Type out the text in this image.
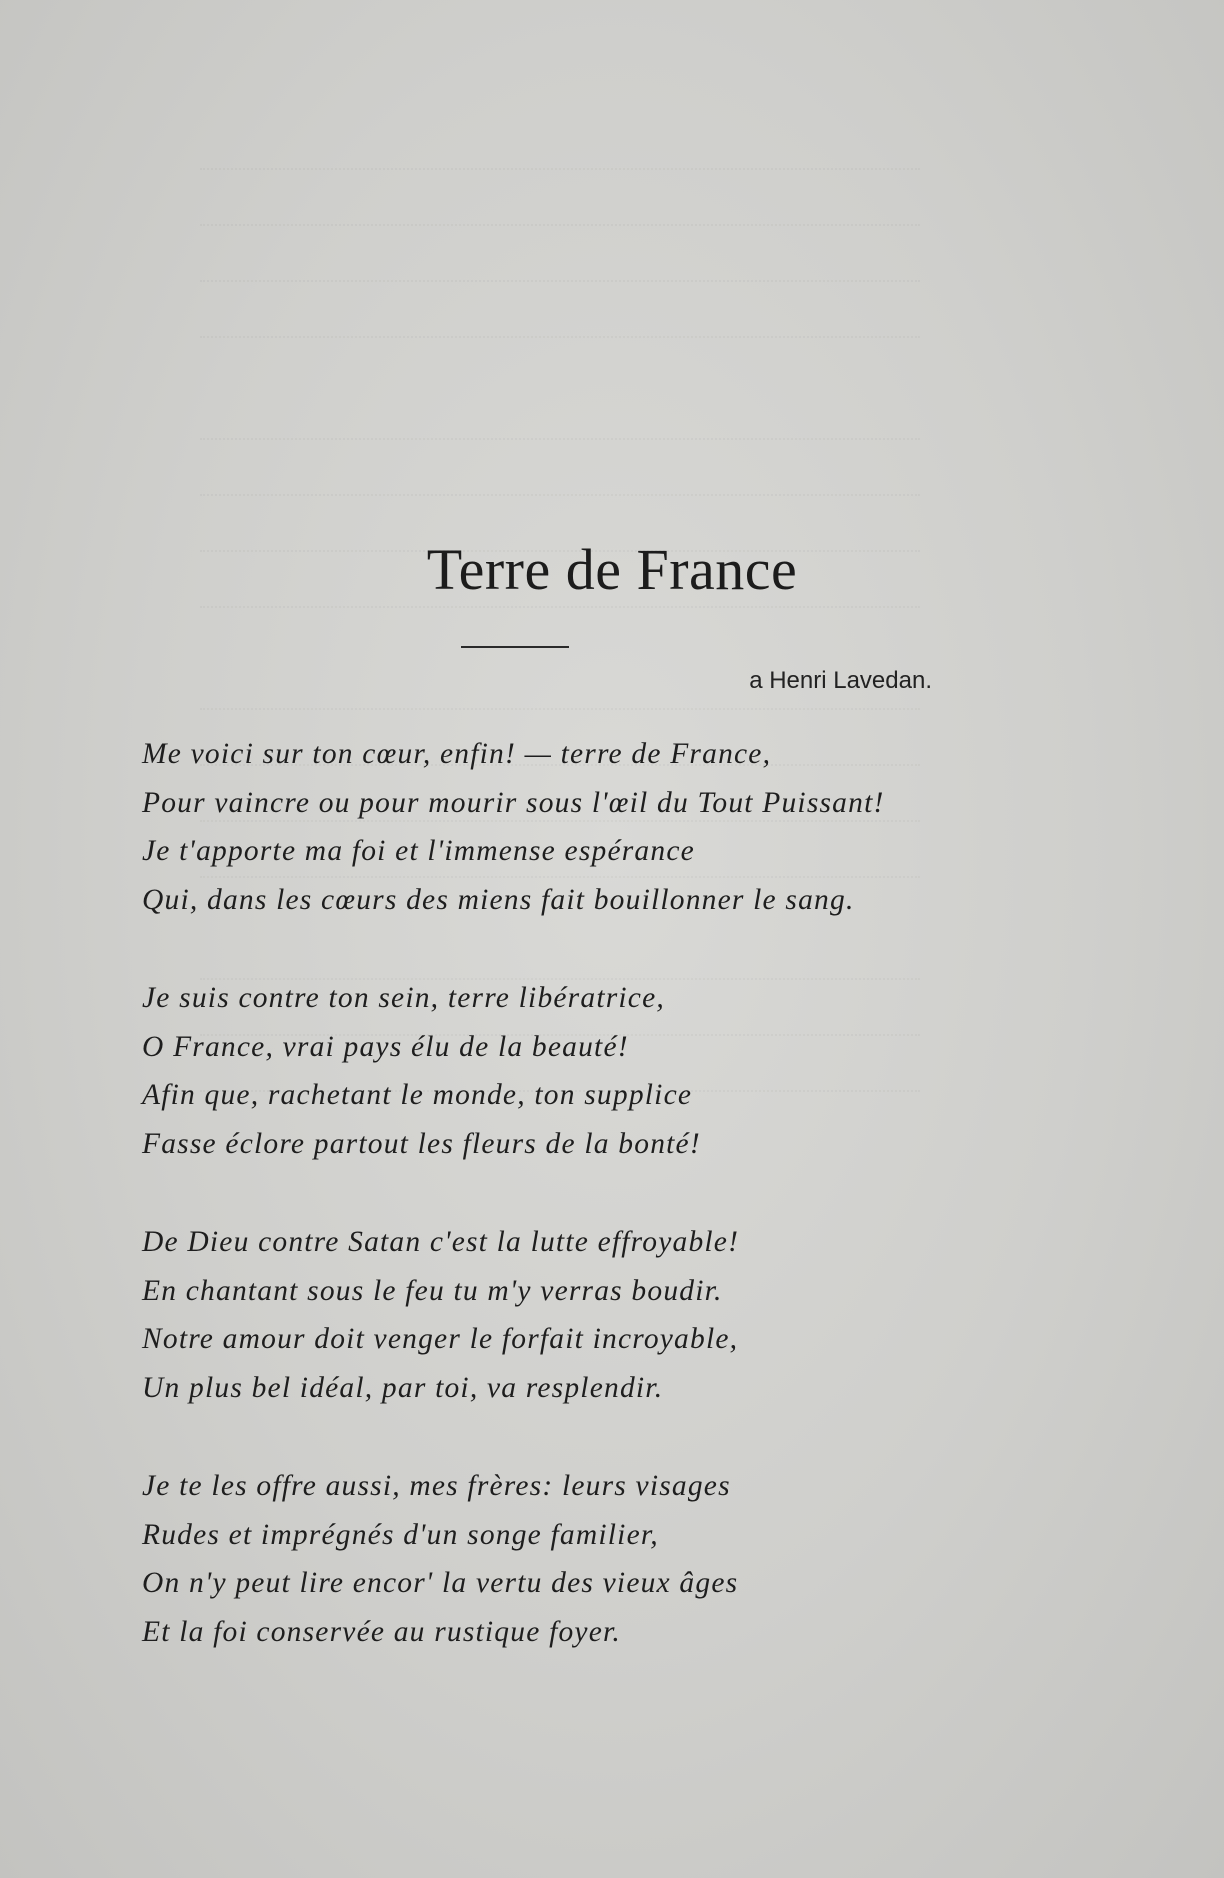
Terre de France
a Henri Lavedan.
Me voici sur ton cœur, enfin! — terre de France,
Pour vaincre ou pour mourir sous l'œil du Tout Puissant!
Je t'apporte ma foi et l'immense espérance
Qui, dans les cœurs des miens fait bouillonner le sang.
Je suis contre ton sein, terre libératrice,
O France, vrai pays élu de la beauté!
Afin que, rachetant le monde, ton supplice
Fasse éclore partout les fleurs de la bonté!
De Dieu contre Satan c'est la lutte effroyable!
En chantant sous le feu tu m'y verras boudir.
Notre amour doit venger le forfait incroyable,
Un plus bel idéal, par toi, va resplendir.
Je te les offre aussi, mes frères: leurs visages
Rudes et imprégnés d'un songe familier,
On n'y peut lire encor' la vertu des vieux âges
Et la foi conservée au rustique foyer.
